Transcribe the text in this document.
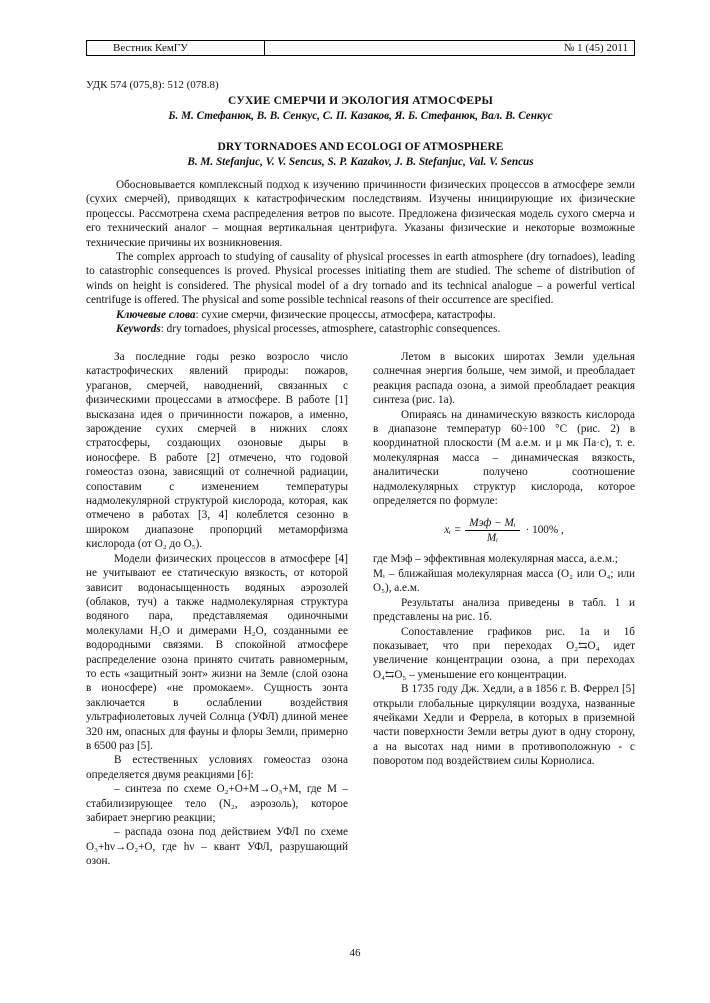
Вестник КемГУ	№ 1 (45) 2011
УДК 574 (075,8): 512 (078.8)
СУХИЕ СМЕРЧИ И ЭКОЛОГИЯ АТМОСФЕРЫ
Б. М. Стефанюк, В. В. Сенкус, С. П. Казаков, Я. Б. Стефанюк, Вал. В. Сенкус
DRY TORNADOES AND ECOLOGI OF ATMOSPHERE
B. M. Stefanjuc, V. V. Sencus, S. P. Kazakov, J. B. Stefanjuc, Val. V. Sencus

Обосновывается комплексный подход к изучению причинности физических процессов в атмосфере земли (сухих смерчей), приводящих к катастрофическим последствиям. Изучены инициирующие их физические процессы. Рассмотрена схема распределения ветров по высоте. Предложена физическая модель сухого смерча и его технический аналог – мощная вертикальная центрифуга. Указаны физические и некоторые возможные технические причины их возникновения.

The complex approach to studying of causality of physical processes in earth atmosphere (dry tornadoes), leading to catastrophic consequences is proved. Physical processes initiating them are studied. The scheme of distribution of winds on height is considered. The physical model of a dry tornado and its technical analogue – a powerful vertical centrifuge is offered. The physical and some possible technical reasons of their occurrence are specified.

Ключевые слова: сухие смерчи, физические процессы, атмосфера, катастрофы.

Keywords: dry tornadoes, physical processes, atmosphere, catastrophic consequences.

За последние годы резко возросло число катастрофических явлений природы: пожаров, ураганов, смерчей, наводнений, связанных с физическими процессами в атмосфере. В работе [1] высказана идея о причинности пожаров, а именно, зарождение сухих смерчей в нижних слоях стратосферы, создающих озоновые дыры в ионосфере. В работе [2] отмечено, что годовой гомеостаз озона, зависящий от солнечной радиации, сопоставим с изменением температуры надмолекулярной структурой кислорода, которая, как отмечено в работах [3, 4] колеблется сезонно в широком диапазоне пропорций метаморфизма кислорода (от O₂ до O₅).

Модели физических процессов в атмосфере [4] не учитывают ее статическую вязкость, от которой зависит водонасыщенность водяных аэрозолей (облаков, туч) а также надмолекулярная структура водяного пара, представляемая одиночными молекулами H₂O и димерами H₂O, созданными ее водородными связями. В спокойной атмосфере распределение озона принято считать равномерным, то есть «защитный зонт» жизни на Земле (слой озона в ионосфере) «не промокаем». Сущность зонта заключается в ослаблении воздействия ультрафиолетовых лучей Солнца (УФЛ) длиной менее 320 нм, опасных для фауны и флоры Земли, примерно в 6500 раз [5].

В естественных условиях гомеостаз озона определяется двумя реакциями [6]:

– синтеза по схеме O₂+O+M→O₃+M, где M – стабилизирующее тело (N₂, аэрозоль), которое забирает энергию реакции;

– распада озона под действием УФЛ по схеме O₃+hν→O₂+O, где hν – квант УФЛ, разрушающий озон.

Летом в высоких широтах Земли удельная солнечная энергия больше, чем зимой, и преобладает реакция распада озона, а зимой преобладает реакция синтеза (рис. 1а).

Опираясь на динамическую вязкость кислорода в диапазоне температур 60÷100 °С (рис. 2) в координатной плоскости (M а.е.м. и μ мк Па·с), т. е. молекулярная масса – динамическая вязкость, аналитически получено соотношение надмолекулярных структур кислорода, которое определяется по формуле:

xᵢ = $\frac{\text{Mэф − Mᵢ}}{\text{Mᵢ}} \cdot 100\%$ ,

где Mэф – эффективная молекулярная масса, а.е.м.;

Mᵢ – ближайшая молекулярная масса (O₂ или O₄; или O₅), а.е.м.

Результаты анализа приведены в табл. 1 и представлены на рис. 1б.

Сопоставление графиков рис. 1а и 1б показывает, что при переходах O₂⇆O₄ идет увеличение концентрации озона, а при переходах O₄⇆O₅ – уменьшение его концентрации.

В 1735 году Дж. Хедли, а в 1856 г. В. Феррел [5] открыли глобальные циркуляции воздуха, названные ячейками Хедли и Феррела, в которых в приземной части поверхности Земли ветры дуют в одну сторону, а на высотах над ними в противоположную - с поворотом под воздействием силы Кориолиса.

46
